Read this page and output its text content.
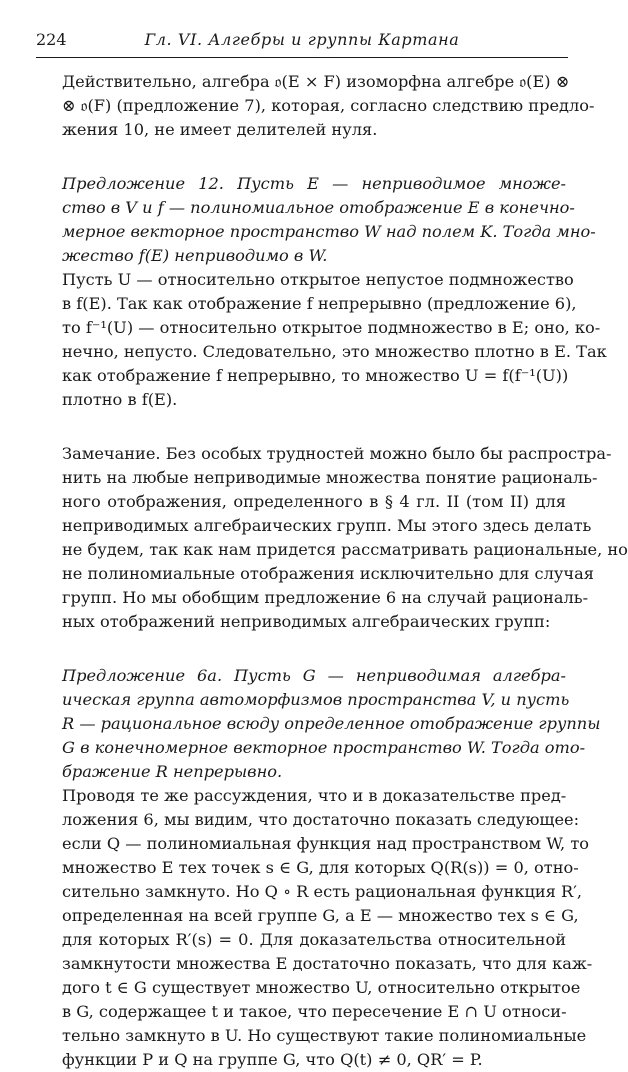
224	Гл. VI. Алгебры и группы Картана
Действительно, алгебра 𝔬(E × F) изоморфна алгебре 𝔬(E) ⊗
⊗ 𝔬(F) (предложение 7), которая, согласно следствию предло-
жения 10, не имеет делителей нуля.
Предложение 12. Пусть E — неприводимое множе-
ство в V и f — полиномиальное отображение E в конечно-
мерное векторное пространство W над полем K. Тогда мно-
жество f(E) неприводимо в W.
Пусть U — относительно открытое непустое подмножество
в f(E). Так как отображение f непрерывно (предложение 6),
то f⁻¹(U) — относительно открытое подмножество в E; оно, ко-
нечно, непусто. Следовательно, это множество плотно в E. Так
как отображение f непрерывно, то множество U = f(f⁻¹(U))
плотно в f(E).
Замечание. Без особых трудностей можно было бы распростра-
нить на любые неприводимые множества понятие рациональ-
ного отображения, определенного в § 4 гл. II (том II) для
неприводимых алгебраических групп. Мы этого здесь делать
не будем, так как нам придется рассматривать рациональные, но
не полиномиальные отображения исключительно для случая
групп. Но мы обобщим предложение 6 на случай рациональ-
ных отображений неприводимых алгебраических групп:
Предложение 6а. Пусть G — неприводимая алгебра-
ическая группа автоморфизмов пространства V, и пусть
R — рациональное всюду определенное отображение группы
G в конечномерное векторное пространство W. Тогда ото-
бражение R непрерывно.
Проводя те же рассуждения, что и в доказательстве пред-
ложения 6, мы видим, что достаточно показать следующее:
если Q — полиномиальная функция над пространством W, то
множество E тех точек s ∈ G, для которых Q(R(s)) = 0, отно-
сительно замкнуто. Но Q ∘ R есть рациональная функция R′,
определенная на всей группе G, а E — множество тех s ∈ G,
для которых R′(s) = 0. Для доказательства относительной
замкнутости множества E достаточно показать, что для каж-
дого t ∈ G существует множество U, относительно открытое
в G, содержащее t и такое, что пересечение E ∩ U относи-
тельно замкнуто в U. Но существуют такие полиномиальные
функции P и Q на группе G, что Q(t) ≠ 0, QR′ = P.
